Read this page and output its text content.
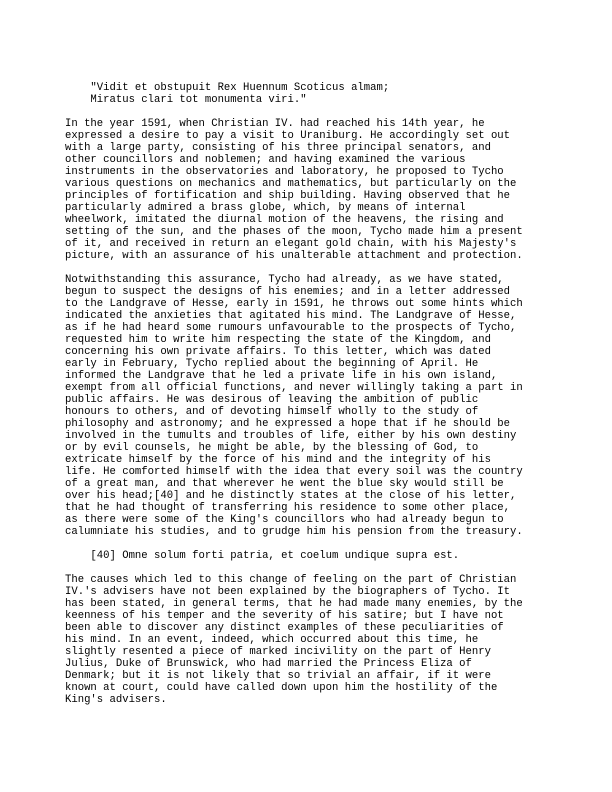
"Vidit et obstupuit Rex Huennum Scoticus almam;
Miratus clari tot monumenta viri."
In the year 1591, when Christian IV. had reached his 14th year, he
expressed a desire to pay a visit to Uraniburg. He accordingly set out
with a large party, consisting of his three principal senators, and
other councillors and noblemen; and having examined the various
instruments in the observatories and laboratory, he proposed to Tycho
various questions on mechanics and mathematics, but particularly on the
principles of fortification and ship building. Having observed that he
particularly admired a brass globe, which, by means of internal
wheelwork, imitated the diurnal motion of the heavens, the rising and
setting of the sun, and the phases of the moon, Tycho made him a present
of it, and received in return an elegant gold chain, with his Majesty's
picture, with an assurance of his unalterable attachment and protection.
Notwithstanding this assurance, Tycho had already, as we have stated,
begun to suspect the designs of his enemies; and in a letter addressed
to the Landgrave of Hesse, early in 1591, he throws out some hints which
indicated the anxieties that agitated his mind. The Landgrave of Hesse,
as if he had heard some rumours unfavourable to the prospects of Tycho,
requested him to write him respecting the state of the Kingdom, and
concerning his own private affairs. To this letter, which was dated
early in February, Tycho replied about the beginning of April. He
informed the Landgrave that he led a private life in his own island,
exempt from all official functions, and never willingly taking a part in
public affairs. He was desirous of leaving the ambition of public
honours to others, and of devoting himself wholly to the study of
philosophy and astronomy; and he expressed a hope that if he should be
involved in the tumults and troubles of life, either by his own destiny
or by evil counsels, he might be able, by the blessing of God, to
extricate himself by the force of his mind and the integrity of his
life. He comforted himself with the idea that every soil was the country
of a great man, and that wherever he went the blue sky would still be
over his head;[40] and he distinctly states at the close of his letter,
that he had thought of transferring his residence to some other place,
as there were some of the King's councillors who had already begun to
calumniate his studies, and to grudge him his pension from the treasury.
[40] Omne solum forti patria, et coelum undique supra est.
The causes which led to this change of feeling on the part of Christian
IV.'s advisers have not been explained by the biographers of Tycho. It
has been stated, in general terms, that he had made many enemies, by the
keenness of his temper and the severity of his satire; but I have not
been able to discover any distinct examples of these peculiarities of
his mind. In an event, indeed, which occurred about this time, he
slightly resented a piece of marked incivility on the part of Henry
Julius, Duke of Brunswick, who had married the Princess Eliza of
Denmark; but it is not likely that so trivial an affair, if it were
known at court, could have called down upon him the hostility of the
King's advisers.
